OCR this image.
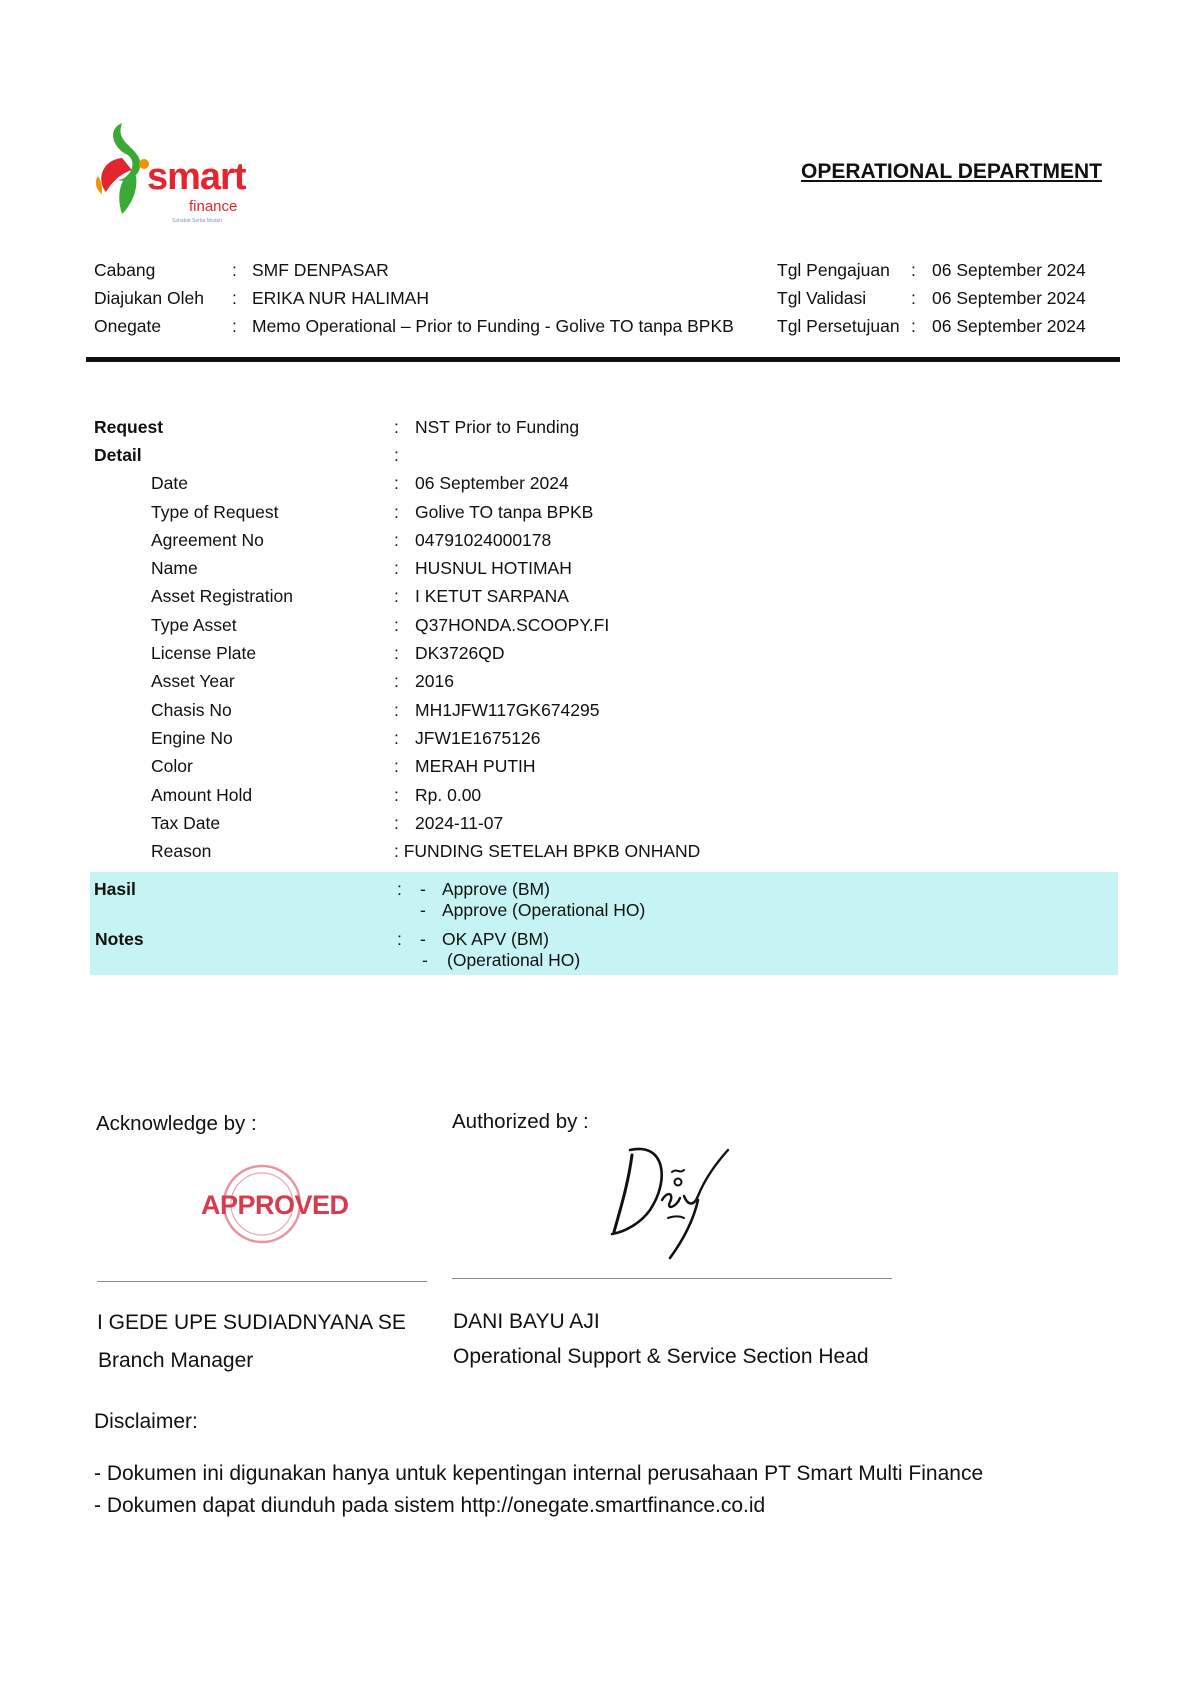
smart
finance
Sahabat Serba Mudah
OPERATIONAL DEPARTMENT
Cabang	: SMF DENPASAR
Diajukan Oleh	: ERIKA NUR HALIMAH
Onegate	: Memo Operational – Prior to Funding - Golive TO tanpa BPKB
Tgl Pengajuan	: 06 September 2024
Tgl Validasi	: 06 September 2024
Tgl Persetujuan : 06 September 2024
Request	: NST Prior to Funding
Detail	:
Date	: 06 September 2024
Type of Request	: Golive TO tanpa BPKB
Agreement No	: 04791024000178
Name	: HUSNUL HOTIMAH
Asset Registration	: I KETUT SARPANA
Type Asset	: Q37HONDA.SCOOPY.FI
License Plate	: DK3726QD
Asset Year	: 2016
Chasis No	: MH1JFW117GK674295
Engine No	: JFW1E1675126
Color	: MERAH PUTIH
Amount Hold	: Rp. 0.00
Tax Date	: 2024-11-07
Reason	: FUNDING SETELAH BPKB ONHAND
Hasil	: - Approve (BM)
- Approve (Operational HO)
Notes	: - OK APV (BM)
- (Operational HO)
Acknowledge by :	Authorized by :
APPROVED
I GEDE UPE SUDIADNYANA SE
Branch Manager
DANI BAYU AJI
Operational Support & Service Section Head
Disclaimer:
- Dokumen ini digunakan hanya untuk kepentingan internal perusahaan PT Smart Multi Finance
- Dokumen dapat diunduh pada sistem http://onegate.smartfinance.co.id
